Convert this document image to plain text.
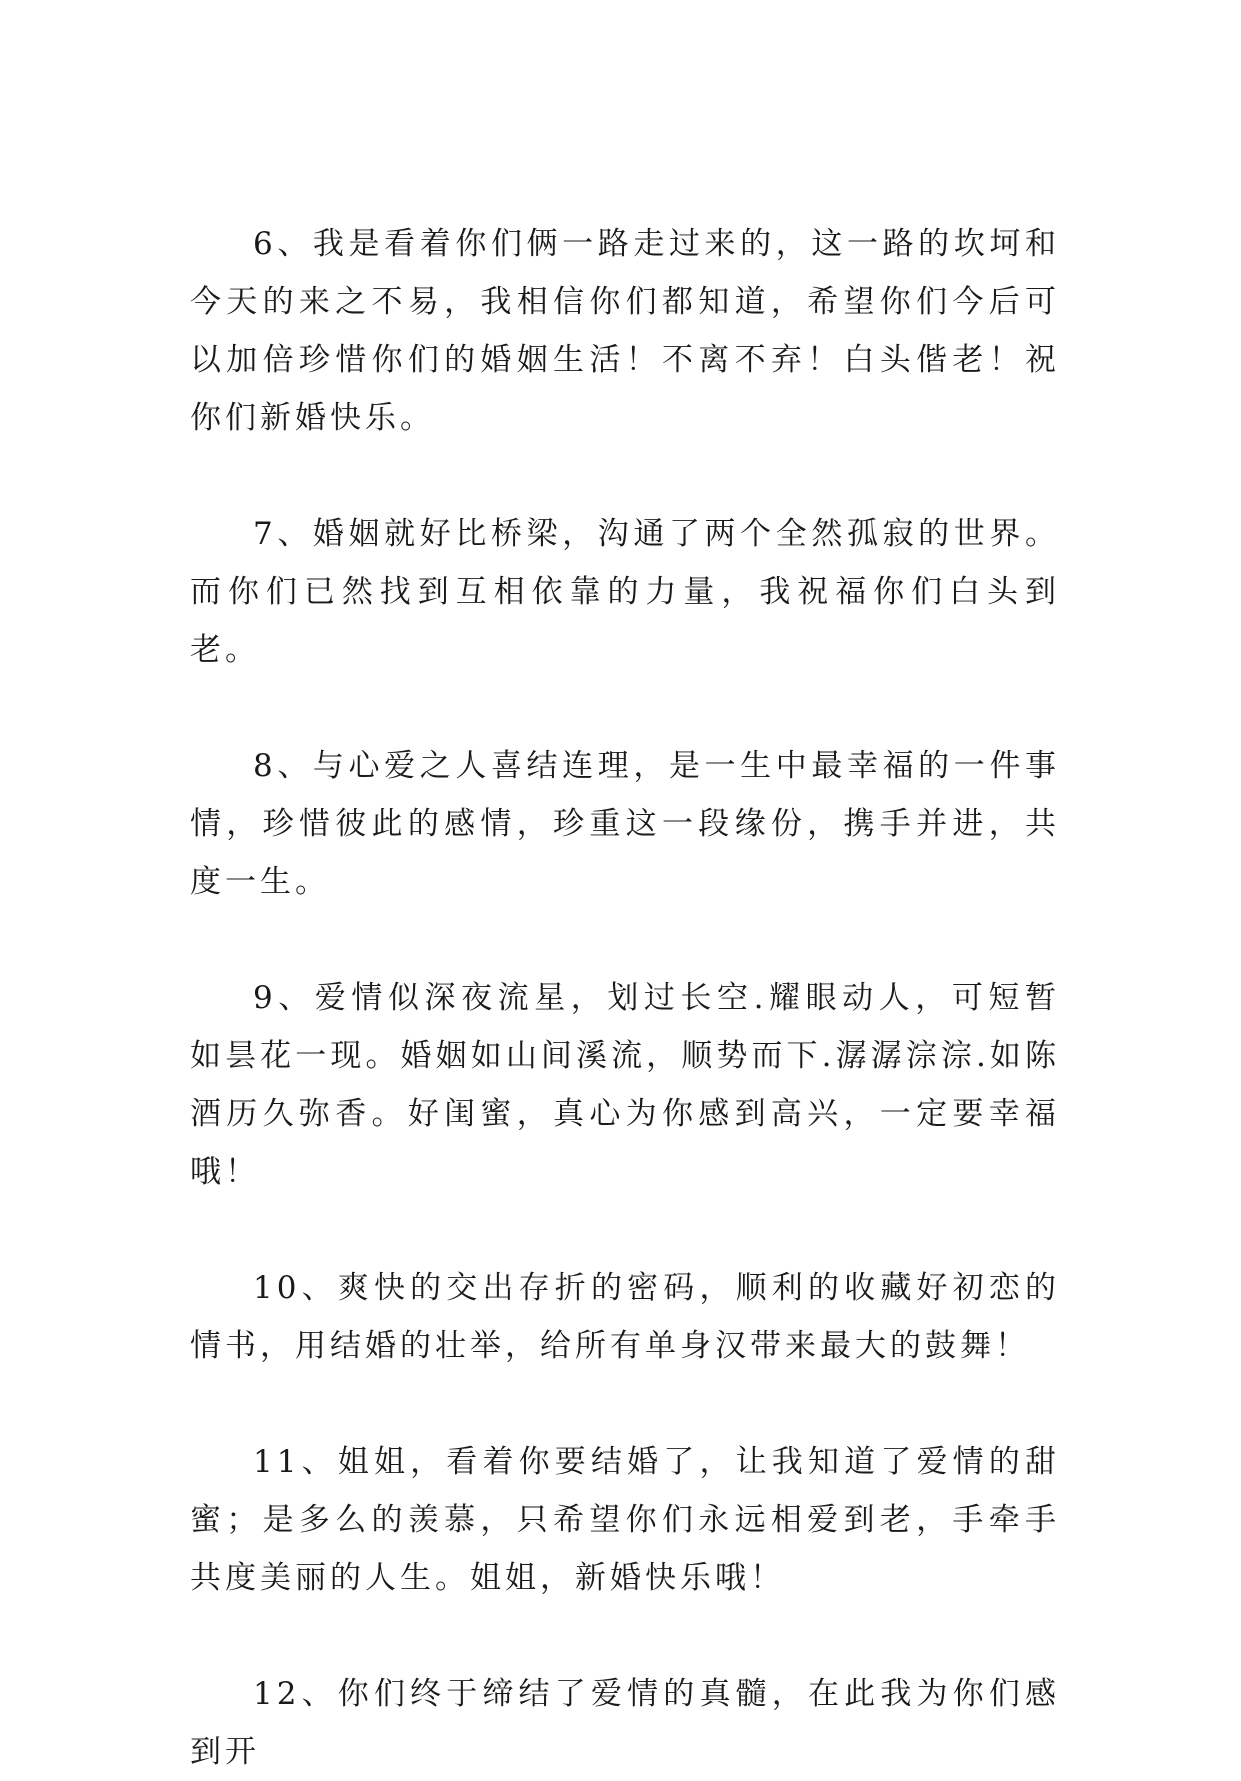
6、我是看着你们俩一路走过来的，这一路的坎坷和今天的来之不易，我相信你们都知道，希望你们今后可以加倍珍惜你们的婚姻生活！不离不弃！白头偕老！祝你们新婚快乐。

7、婚姻就好比桥梁，沟通了两个全然孤寂的世界。而你们已然找到互相依靠的力量，我祝福你们白头到老。

8、与心爱之人喜结连理，是一生中最幸福的一件事情，珍惜彼此的感情，珍重这一段缘份，携手并进，共度一生。

9、爱情似深夜流星，划过长空.耀眼动人，可短暂如昙花一现。婚姻如山间溪流，顺势而下.潺潺淙淙.如陈酒历久弥香。好闺蜜，真心为你感到高兴，一定要幸福哦！

10、爽快的交出存折的密码，顺利的收藏好初恋的情书，用结婚的壮举，给所有单身汉带来最大的鼓舞！

11、姐姐，看着你要结婚了，让我知道了爱情的甜蜜；是多么的羡慕，只希望你们永远相爱到老，手牵手共度美丽的人生。姐姐，新婚快乐哦！

12、你们终于缔结了爱情的真髓，在此我为你们感到开
